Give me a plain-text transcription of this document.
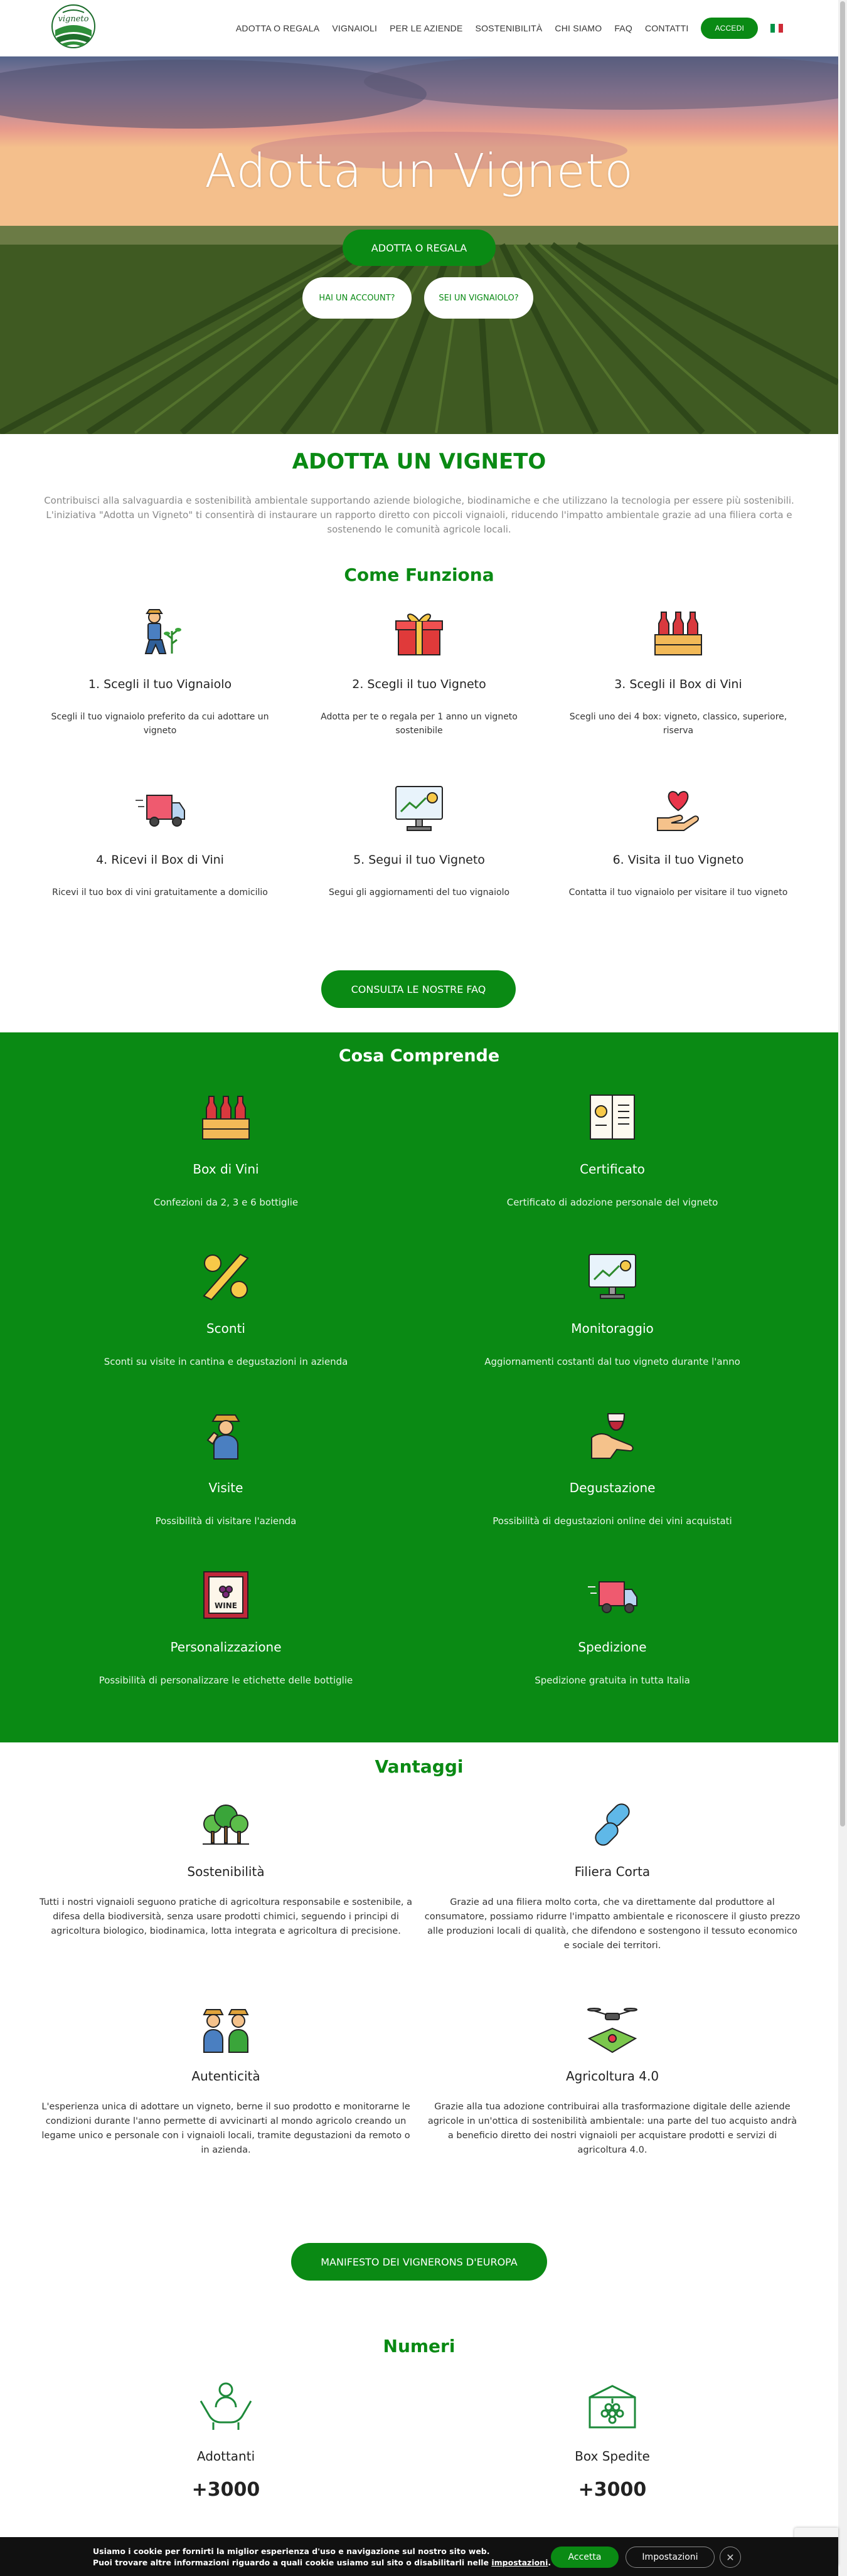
vigneto
ADOTTA O REGALA VIGNAIOLI PER LE AZIENDE SOSTENIBILITÀ CHI SIAMO FAQ CONTATTI	ACCEDI
Adotta un Vigneto
ADOTTA O REGALA
HAI UN ACCOUNT?	SEI UN VIGNAIOLO?
ADOTTA UN VIGNETO
Contribuisci alla salvaguardia e sostenibilità ambientale supportando aziende biologiche, biodinamiche e che utilizzano la tecnologia per essere più sostenibili. L'iniziativa "Adotta un Vigneto" ti consentirà di instaurare un rapporto diretto con piccoli vignaioli, riducendo l'impatto ambientale grazie ad una filiera corta e sostenendo le comunità agricole locali.
Come Funziona
1. Scegli il tuo Vignaiolo
Scegli il tuo vignaiolo preferito da cui adottare un vigneto
2. Scegli il tuo Vigneto
Adotta per te o regala per 1 anno un vigneto sostenibile
3. Scegli il Box di Vini
Scegli uno dei 4 box: vigneto, classico, superiore, riserva
4. Ricevi il Box di Vini
Ricevi il tuo box di vini gratuitamente a domicilio
5. Segui il tuo Vigneto
Segui gli aggiornamenti del tuo vignaiolo
6. Visita il tuo Vigneto
Contatta il tuo vignaiolo per visitare il tuo vigneto
CONSULTA LE NOSTRE FAQ
Cosa Comprende
Box di Vini
Confezioni da 2, 3 e 6 bottiglie
Certificato
Certificato di adozione personale del vigneto
Sconti
Sconti su visite in cantina e degustazioni in azienda
Monitoraggio
Aggiornamenti costanti dal tuo vigneto durante l'anno
Visite
Possibilità di visitare l'azienda
Degustazione
Possibilità di degustazioni online dei vini acquistati
WINE
Personalizzazione
Possibilità di personalizzare le etichette delle bottiglie
Spedizione
Spedizione gratuita in tutta Italia
Vantaggi
Sostenibilità
Tutti i nostri vignaioli seguono pratiche di agricoltura responsabile e sostenibile, a difesa della biodiversità, senza usare prodotti chimici, seguendo i principi di agricoltura biologico, biodinamica, lotta integrata e agricoltura di precisione.
Filiera Corta
Grazie ad una filiera molto corta, che va direttamente dal produttore al consumatore, possiamo ridurre l'impatto ambientale e riconoscere il giusto prezzo alle produzioni locali di qualità, che difendono e sostengono il tessuto economico e sociale dei territori.
Autenticità
L'esperienza unica di adottare un vigneto, berne il suo prodotto e monitorarne le condizioni durante l'anno permette di avvicinarti al mondo agricolo creando un legame unico e personale con i vignaioli locali, tramite degustazioni da remoto o in azienda.
Agricoltura 4.0
Grazie alla tua adozione contribuirai alla trasformazione digitale delle aziende agricole in un'ottica di sostenibilità ambientale: una parte del tuo acquisto andrà a beneficio diretto dei nostri vignaioli per acquistare prodotti e servizi di agricoltura 4.0.
MANIFESTO DEI VIGNERONS D'EUROPA
Numeri
Adottanti
+3000
Box Spedite
+3000
Usiamo i cookie per fornirti la miglior esperienza d'uso e navigazione sul nostro sito web.
Puoi trovare altre informazioni riguardo a quali cookie usiamo sul sito o disabilitarli nelle impostazioni.
Accetta	Impostazioni	✕
